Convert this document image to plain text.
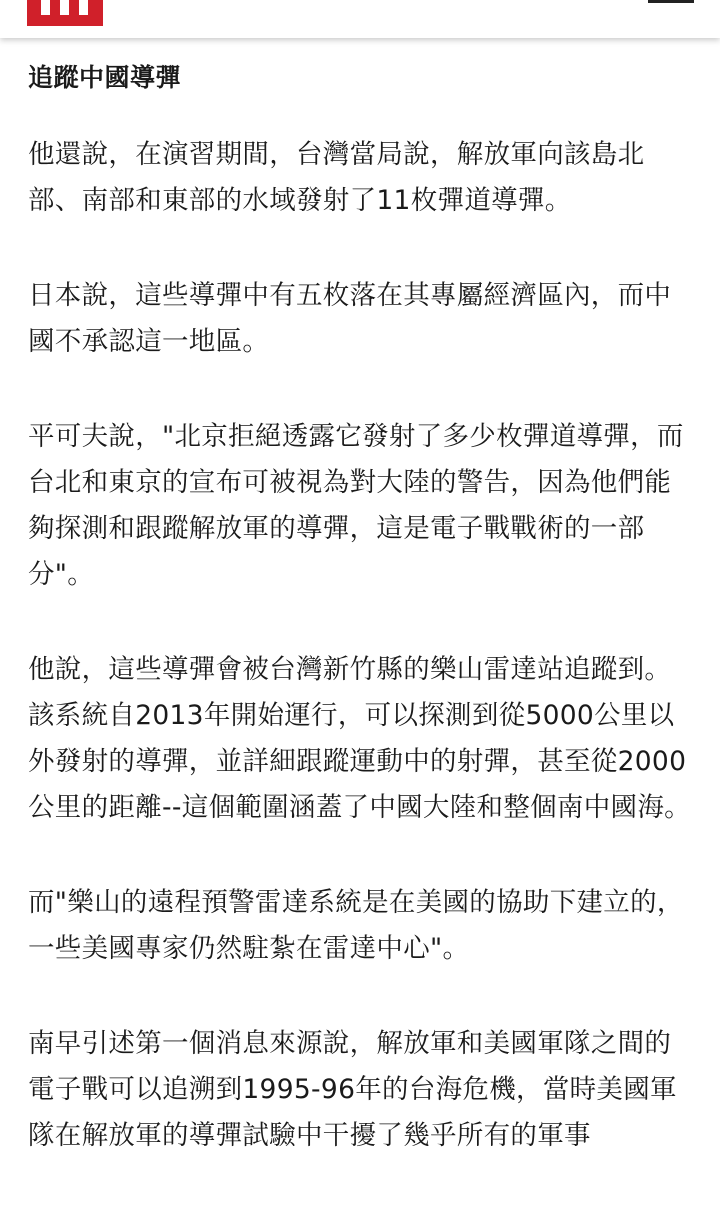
追蹤中國導彈

他還說，在演習期間，台灣當局說，解放軍向該島北部、南部和東部的水域發射了11枚彈道導彈。

日本說，這些導彈中有五枚落在其專屬經濟區內，而中國不承認這一地區。

平可夫說，"北京拒絕透露它發射了多少枚彈道導彈，而台北和東京的宣布可被視為對大陸的警告，因為他們能夠探測和跟蹤解放軍的導彈，這是電子戰戰術的一部分"。

他說，這些導彈會被台灣新竹縣的樂山雷達站追蹤到。該系統自2013年開始運行，可以探測到從5000公里以外發射的導彈，並詳細跟蹤運動中的射彈，甚至從2000公里的距離--這個範圍涵蓋了中國大陸和整個南中國海。

而"樂山的遠程預警雷達系統是在美國的協助下建立的，一些美國專家仍然駐紮在雷達中心"。

南早引述第一個消息來源說，解放軍和美國軍隊之間的電子戰可以追溯到1995-96年的台海危機，當時美國軍隊在解放軍的導彈試驗中干擾了幾乎所有的軍事
